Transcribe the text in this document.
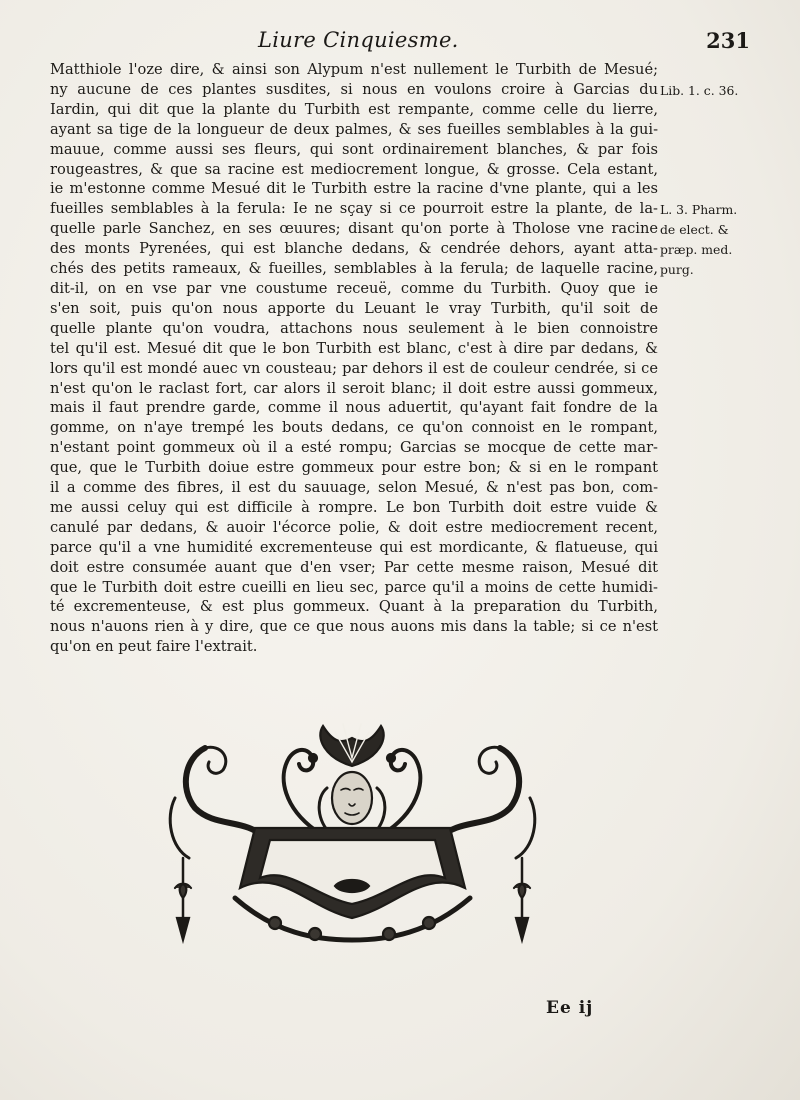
Liure Cinquiesme.	231
Matthiole l'oze dire, & ainsi son Alypum n'est nullement le Turbith de Mesué;
ny aucune de ces plantes susdites, si nous en voulons croire à Garcias du
Iardin, qui dit que la plante du Turbith est rempante, comme celle du lierre,
ayant sa tige de la longueur de deux palmes, & ses fueilles semblables à la gui-
mauue, comme aussi ses fleurs, qui sont ordinairement blanches, & par fois
rougeastres, & que sa racine est mediocrement longue, & grosse. Cela estant,
ie m'estonne comme Mesué dit le Turbith estre la racine d'vne plante, qui a les
fueilles semblables à la ferula: Ie ne sçay si ce pourroit estre la plante, de la-
quelle parle Sanchez, en ses œuures; disant qu'on porte à Tholose vne racine
des monts Pyrenées, qui est blanche dedans, & cendrée dehors, ayant atta-
chés des petits rameaux, & fueilles, semblables à la ferula; de laquelle racine,
dit-il, on en vse par vne coustume receuë, comme du Turbith. Quoy que ie
s'en soit, puis qu'on nous apporte du Leuant le vray Turbith, qu'il soit de
quelle plante qu'on voudra, attachons nous seulement à le bien connoistre
tel qu'il est. Mesué dit que le bon Turbith est blanc, c'est à dire par dedans, &
lors qu'il est mondé auec vn cousteau; par dehors il est de couleur cendrée, si ce
n'est qu'on le raclast fort, car alors il seroit blanc; il doit estre aussi gommeux,
mais il faut prendre garde, comme il nous aduertit, qu'ayant fait fondre de la
gomme, on n'aye trempé les bouts dedans, ce qu'on connoist en le rompant,
n'estant point gommeux où il a esté rompu; Garcias se mocque de cette mar-
que, que le Turbith doiue estre gommeux pour estre bon; & si en le rompant
il a comme des fibres, il est du sauuage, selon Mesué, & n'est pas bon, com-
me aussi celuy qui est difficile à rompre. Le bon Turbith doit estre vuide &
canulé par dedans, & auoir l'écorce polie, & doit estre mediocrement recent,
parce qu'il a vne humidité excrementeuse qui est mordicante, & flatueuse, qui
doit estre consumée auant que d'en vser; Par cette mesme raison, Mesué dit
que le Turbith doit estre cueilli en lieu sec, parce qu'il a moins de cette humidi-
té excrementeuse, & est plus gommeux. Quant à la preparation du Turbith,
nous n'auons rien à y dire, que ce que nous auons mis dans la table; si ce n'est
qu'on en peut faire l'extrait.
Lib. 1. c. 36.
L. 3. Pharm.
de elect. &
præp. med.
purg.
Ee ij
